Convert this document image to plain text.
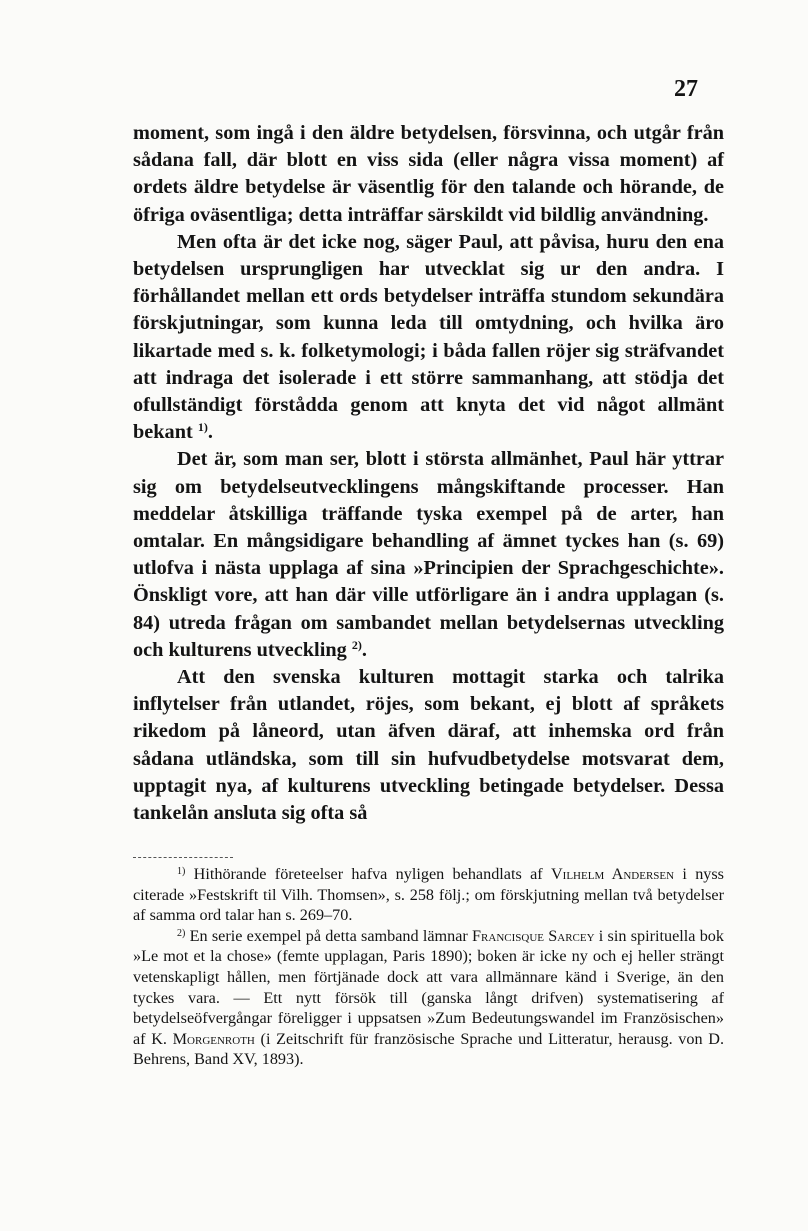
27

moment, som ingå i den äldre betydelsen, försvinna, och utgår från sådana fall, där blott en viss sida (eller några vissa moment) af ordets äldre betydelse är väsentlig för den talande och hörande, de öfriga oväsentliga; detta inträffar särskildt vid bildlig användning.

Men ofta är det icke nog, säger Paul, att påvisa, huru den ena betydelsen ursprungligen har utvecklat sig ur den andra. I förhållandet mellan ett ords betydelser inträffa stundom sekundära förskjutningar, som kunna leda till omtydning, och hvilka äro likartade med s. k. folketymologi; i båda fallen röjer sig sträfvandet att indraga det isolerade i ett större sammanhang, att stödja det ofullständigt förstådda genom att knyta det vid något allmänt bekant $^{1)}$.

Det är, som man ser, blott i största allmänhet, Paul här yttrar sig om betydelseutvecklingens mångskiftande processer. Han meddelar åtskilliga träffande tyska exempel på de arter, han omtalar. En mångsidigare behandling af ämnet tyckes han (s. 69) utlofva i nästa upplaga af sina »Principien der Sprachgeschichte». Önskligt vore, att han där ville utförligare än i andra upplagan (s. 84) utreda frågan om sambandet mellan betydelsernas utveckling och kulturens utveckling $^{2)}$.

Att den svenska kulturen mottagit starka och talrika inflytelser från utlandet, röjes, som bekant, ej blott af språkets rikedom på låneord, utan äfven däraf, att inhemska ord från sådana utländska, som till sin hufvudbetydelse motsvarat dem, upptagit nya, af kulturens utveckling betingade betydelser. Dessa tankelån ansluta sig ofta så

$^{1)}$ Hithörande företeelser hafva nyligen behandlats af Vilhelm Andersen i nyss citerade »Festskrift til Vilh. Thomsen», s. 258 följ.; om förskjutning mellan två betydelser af samma ord talar han s. 269–70.

$^{2)}$ En serie exempel på detta samband lämnar Francisque Sarcey i sin spirituella bok »Le mot et la chose» (femte upplagan, Paris 1890); boken är icke ny och ej heller strängt vetenskapligt hållen, men förtjänade dock att vara allmännare känd i Sverige, än den tyckes vara. — Ett nytt försök till (ganska långt drifven) systematisering af betydelseöfvergångar föreligger i uppsatsen »Zum Bedeutungswandel im Französischen» af K. Morgenroth (i Zeitschrift für französische Sprache und Litteratur, herausg. von D. Behrens, Band XV, 1893).
